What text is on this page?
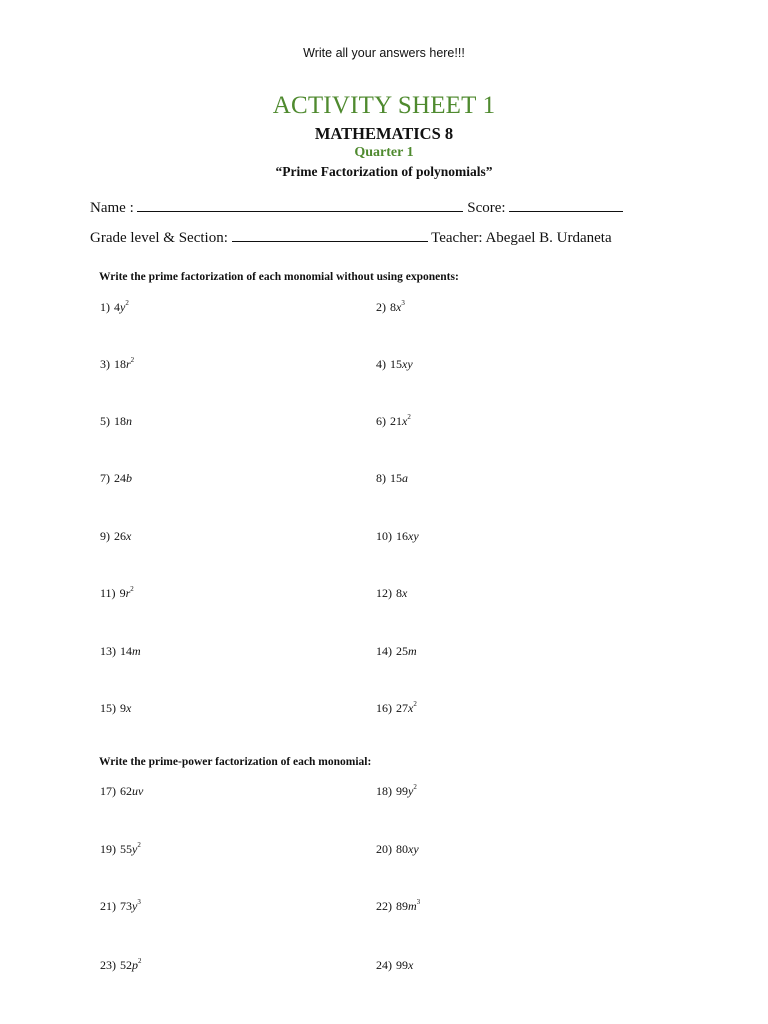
Write all your answers here!!!
ACTIVITY SHEET 1
MATHEMATICS 8
Quarter 1
“Prime Factorization of polynomials”
Name :	Score:
Grade level & Section:	Teacher: Abegael B. Urdaneta
Write the prime factorization of each monomial without using exponents:
Write the prime-power factorization of each monomial:
1) $4y^2$	2) $8x^3$
3) $18r^2$	4) 15xy
5) 18n	6) $21x^2$
7) 24b	8) 15a
9) 26x	10) 16xy
11) $9r^2$	12) 8x
13) 14m	14) 25m
15) 9x	16) $27x^2$
17) 62uv	18) $99y^2$
19) $55y^2$	20) 80xy
21) $73y^3$	22) $89m^3$
23) $52p^2$	24) 99x
